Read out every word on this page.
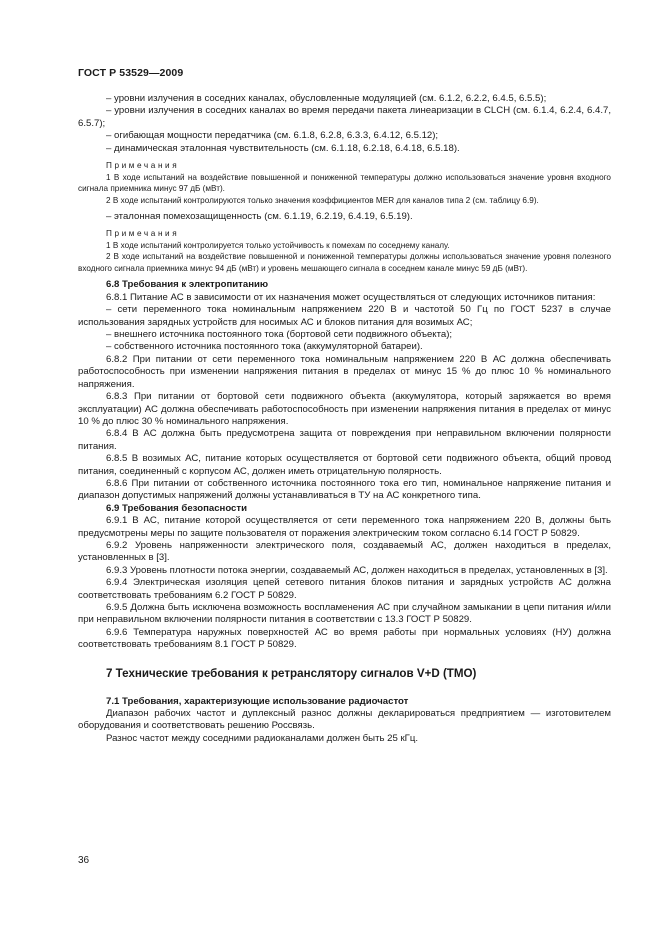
ГОСТ Р 53529—2009
– уровни излучения в соседних каналах, обусловленные модуляцией (см. 6.1.2, 6.2.2, 6.4.5, 6.5.5);
– уровни излучения в соседних каналах во время передачи пакета линеаризации в CLCH (см. 6.1.4, 6.2.4, 6.4.7, 6.5.7);
– огибающая мощности передатчика (см. 6.1.8, 6.2.8, 6.3.3, 6.4.12, 6.5.12);
– динамическая эталонная чувствительность (см. 6.1.18, 6.2.18, 6.4.18, 6.5.18).
Примечания
1 В ходе испытаний на воздействие повышенной и пониженной температуры должно использоваться значение уровня входного сигнала приемника минус 97 дБ (мВт).
2 В ходе испытаний контролируются только значения коэффициентов MER для каналов типа 2 (см. таблицу 6.9).
– эталонная помехозащищенность (см. 6.1.19, 6.2.19, 6.4.19, 6.5.19).
Примечания
1 В ходе испытаний контролируется только устойчивость к помехам по соседнему каналу.
2 В ходе испытаний на воздействие повышенной и пониженной температуры должны использоваться значение уровня полезного входного сигнала приемника минус 94 дБ (мВт) и уровень мешающего сигнала в соседнем канале минус 59 дБ (мВт).
6.8 Требования к электропитанию
6.8.1 Питание АС в зависимости от их назначения может осуществляться от следующих источников питания:
– сети переменного тока номинальным напряжением 220 В и частотой 50 Гц по ГОСТ 5237 в случае использования зарядных устройств для носимых АС и блоков питания для возимых АС;
– внешнего источника постоянного тока (бортовой сети подвижного объекта);
– собственного источника постоянного тока (аккумуляторной батареи).
6.8.2 При питании от сети переменного тока номинальным напряжением 220 В АС должна обеспечивать работоспособность при изменении напряжения питания в пределах от минус 15 % до плюс 10 % номинального напряжения.
6.8.3 При питании от бортовой сети подвижного объекта (аккумулятора, который заряжается во время эксплуатации) АС должна обеспечивать работоспособность при изменении напряжения питания в пределах от минус 10 % до плюс 30 % номинального напряжения.
6.8.4 В АС должна быть предусмотрена защита от повреждения при неправильном включении полярности питания.
6.8.5 В возимых АС, питание которых осуществляется от бортовой сети подвижного объекта, общий провод питания, соединенный с корпусом АС, должен иметь отрицательную полярность.
6.8.6 При питании от собственного источника постоянного тока его тип, номинальное напряжение питания и диапазон допустимых напряжений должны устанавливаться в ТУ на АС конкретного типа.
6.9 Требования безопасности
6.9.1 В АС, питание которой осуществляется от сети переменного тока напряжением 220 В, должны быть предусмотрены меры по защите пользователя от поражения электрическим током согласно 6.14 ГОСТ Р 50829.
6.9.2 Уровень напряженности электрического поля, создаваемый АС, должен находиться в пределах, установленных в [3].
6.9.3 Уровень плотности потока энергии, создаваемый АС, должен находиться в пределах, установленных в [3].
6.9.4 Электрическая изоляция цепей сетевого питания блоков питания и зарядных устройств АС должна соответствовать требованиям 6.2 ГОСТ Р 50829.
6.9.5 Должна быть исключена возможность воспламенения АС при случайном замыкании в цепи питания и/или при неправильном включении полярности питания в соответствии с 13.3 ГОСТ Р 50829.
6.9.6 Температура наружных поверхностей АС во время работы при нормальных условиях (НУ) должна соответствовать требованиям 8.1 ГОСТ Р 50829.
7 Технические требования к ретранслятору сигналов V+D (TMO)
7.1 Требования, характеризующие использование радиочастот
Диапазон рабочих частот и дуплексный разнос должны декларироваться предприятием — изготовителем оборудования и соответствовать решению Россвязь.
Разнос частот между соседними радиоканалами должен быть 25 кГц.
36
